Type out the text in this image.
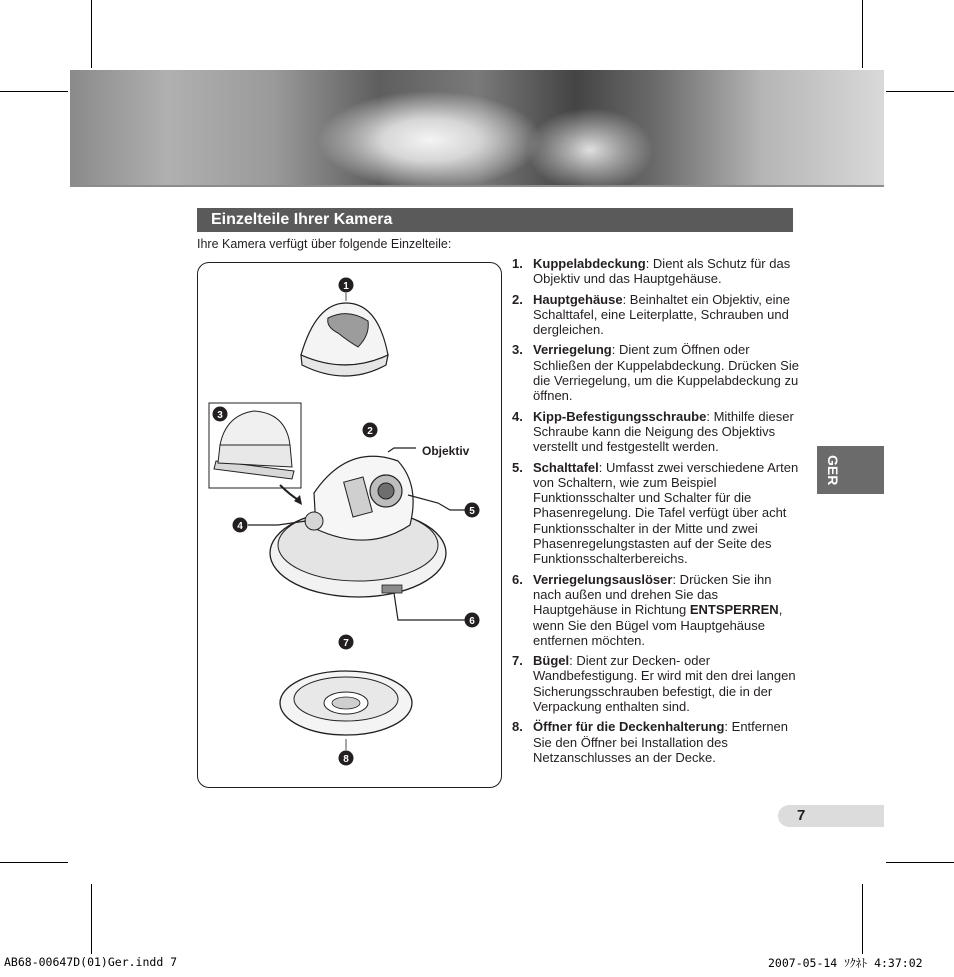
Einzelteile Ihrer Kamera
Ihre Kamera verfügt über folgende Einzelteile:
1
2
3
4
5
6
7
8
Objektiv
1. Kuppelabdeckung: Dient als Schutz für das Objektiv und das Hauptgehäuse.
2. Hauptgehäuse: Beinhaltet ein Objektiv, eine Schalttafel, eine Leiterplatte, Schrauben und dergleichen.
3. Verriegelung: Dient zum Öffnen oder Schließen der Kuppelabdeckung. Drücken Sie die Verriegelung, um die Kuppelabdeckung zu öffnen.
4. Kipp-Befestigungsschraube: Mithilfe dieser Schraube kann die Neigung des Objektivs verstellt und festgestellt werden.
5. Schalttafel: Umfasst zwei verschiedene Arten von Schaltern, wie zum Beispiel Funktionsschalter und Schalter für die Phasenregelung. Die Tafel verfügt über acht Funktionsschalter in der Mitte und zwei Phasenregelungstasten auf der Seite des Funktionsschalterbereichs.
6. Verriegelungsauslöser: Drücken Sie ihn nach außen und drehen Sie das Hauptgehäuse in Richtung ENTSPERREN, wenn Sie den Bügel vom Hauptgehäuse entfernen möchten.
7. Bügel: Dient zur Decken- oder Wandbefestigung. Er wird mit den drei langen Sicherungsschrauben befestigt, die in der Verpackung enthalten sind.
8. Öffner für die Deckenhalterung: Entfernen Sie den Öffner bei Installation des Netzanschlusses an der Decke.
GER
7
AB68-00647D(01)Ger.indd 7	2007-05-14 ｿｸﾈﾄ 4:37:02
